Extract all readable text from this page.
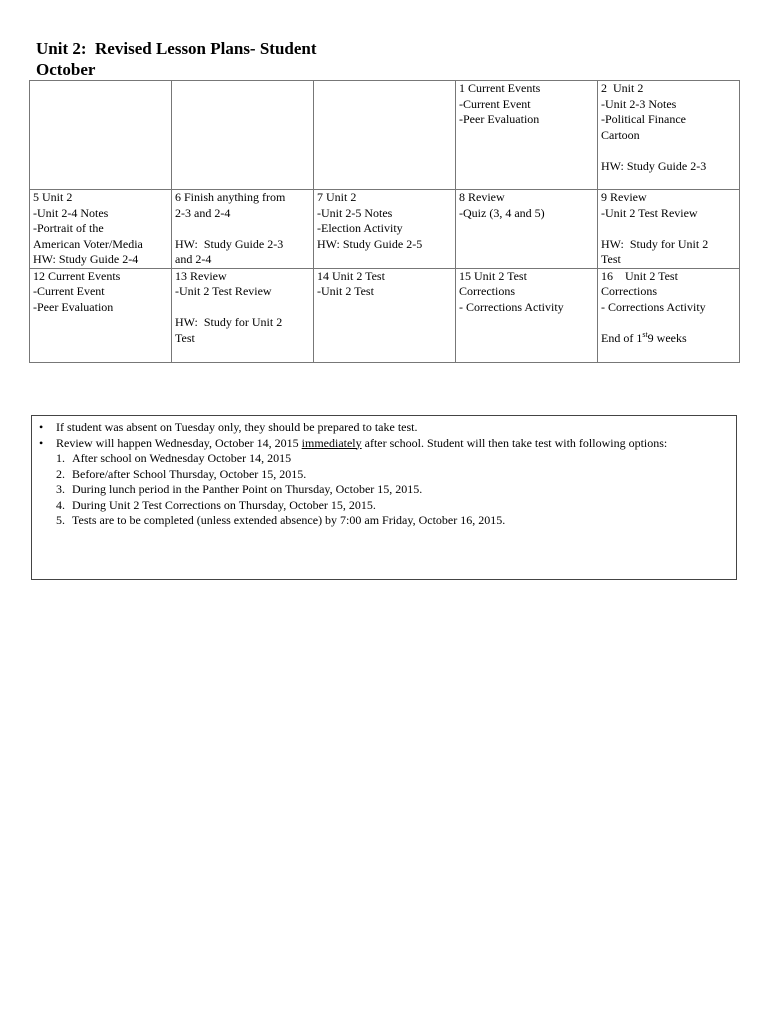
Unit 2:  Revised Lesson Plans- Student
October

			1 Current Events
-Current Event
-Peer Evaluation	2  Unit 2
-Unit 2-3 Notes
-Political Finance
Cartoon
HW: Study Guide 2-3

5 Unit 2
-Unit 2-4 Notes
-Portrait of the
American Voter/Media
HW: Study Guide 2-4	6 Finish anything from
2-3 and 2-4
HW:  Study Guide 2-3
and 2-4	7 Unit 2
-Unit 2-5 Notes
-Election Activity
HW: Study Guide 2-5	8 Review
-Quiz (3, 4 and 5)	9 Review
-Unit 2 Test Review
HW:  Study for Unit 2
Test

12 Current Events
-Current Event
-Peer Evaluation	13 Review
-Unit 2 Test Review
HW:  Study for Unit 2
Test	14 Unit 2 Test
-Unit 2 Test	15 Unit 2 Test
Corrections
- Corrections Activity	16    Unit 2 Test
Corrections
- Corrections Activity
End of 1st9 weeks
• If student was absent on Tuesday only, they should be prepared to take test.
• Review will happen Wednesday, October 14, 2015 immediately after school. Student will then take test with following options:
1. After school on Wednesday October 14, 2015
2. Before/after School Thursday, October 15, 2015.
3. During lunch period in the Panther Point on Thursday, October 15, 2015.
4. During Unit 2 Test Corrections on Thursday, October 15, 2015.
5. Tests are to be completed (unless extended absence) by 7:00 am Friday, October 16, 2015.
